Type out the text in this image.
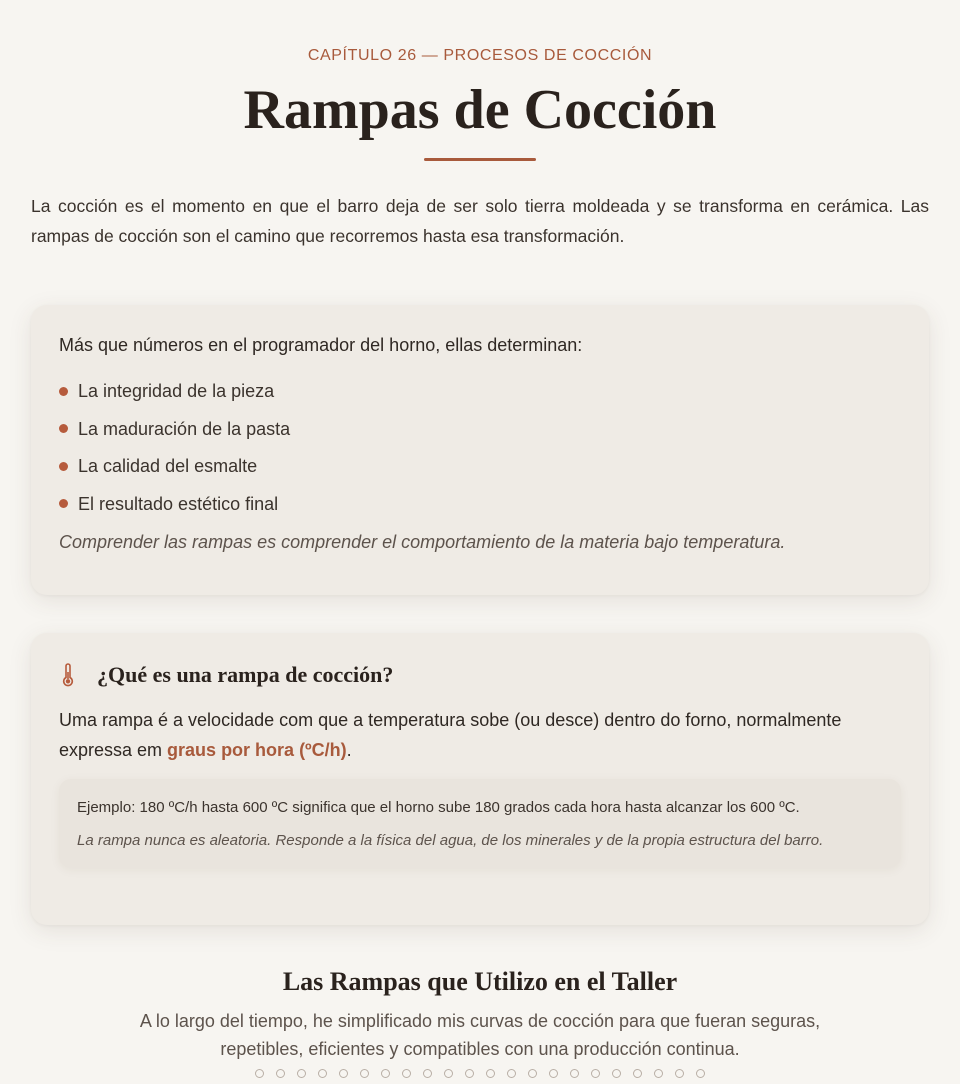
CAPÍTULO 26 — PROCESOS DE COCCIÓN

Rampas de Cocción

La cocción es el momento en que el barro deja de ser solo tierra moldeada y se transforma en cerámica. Las rampas de cocción son el camino que recorremos hasta esa transformación.

Más que números en el programador del horno, ellas determinan:

La integridad de la pieza
La maduración de la pasta
La calidad del esmalte
El resultado estético final

Comprender las rampas es comprender el comportamiento de la materia bajo temperatura.

¿Qué es una rampa de cocción?

Uma rampa é a velocidade com que a temperatura sobe (ou desce) dentro do forno, normalmente expressa em graus por hora (ºC/h).

Ejemplo: 180 ºC/h hasta 600 ºC significa que el horno sube 180 grados cada hora hasta alcanzar los 600 ºC.

La rampa nunca es aleatoria. Responde a la física del agua, de los minerales y de la propia estructura del barro.

Las Rampas que Utilizo en el Taller

A lo largo del tiempo, he simplificado mis curvas de cocción para que fueran seguras, repetibles, eficientes y compatibles con una producción continua.
